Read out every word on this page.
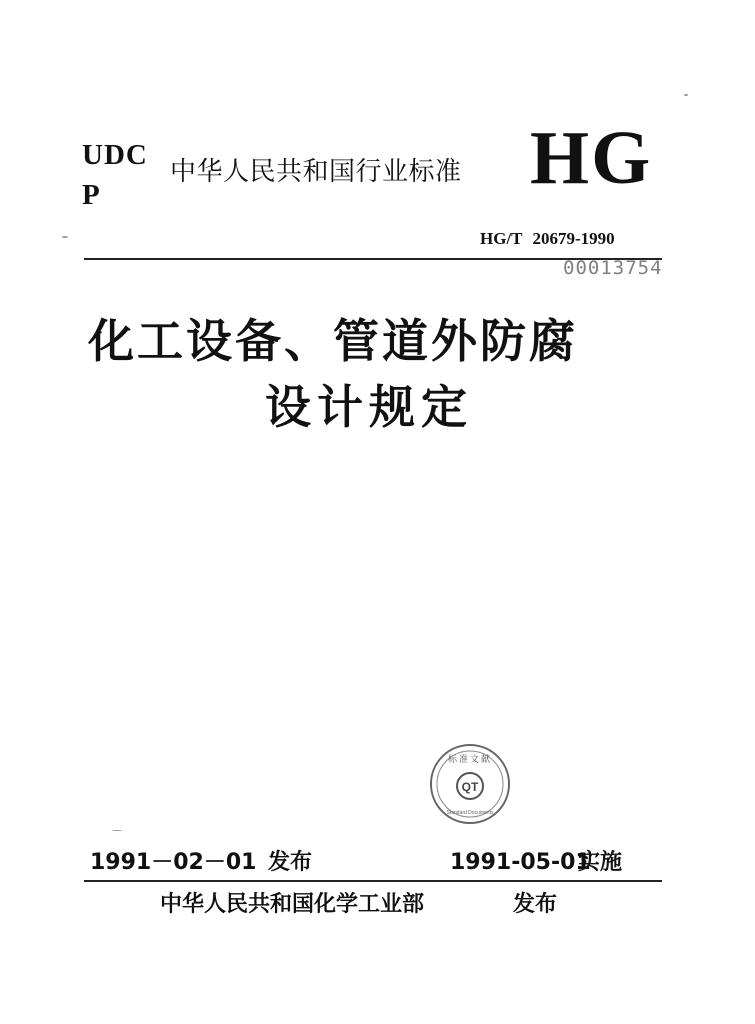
UDC
P
中华人民共和国行业标准 HG
HG/T 20679-1990
00013754
化工设备、管道外防腐
设计规定
QT
标准文献
Standard Documents
1991－02－01 发布	1991-05-01
实施
中华人民共和国化学工业部	发布
